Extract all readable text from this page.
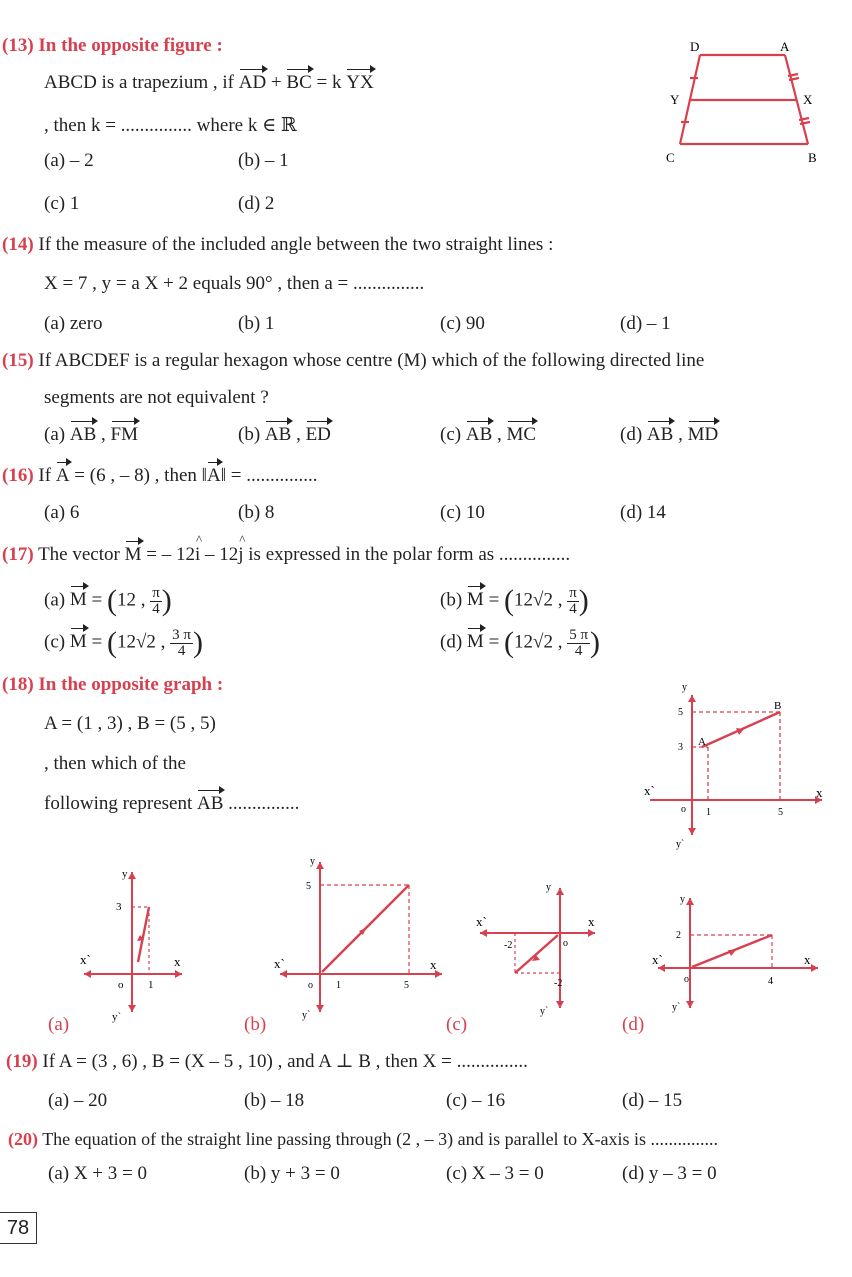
(13) In the opposite figure :
ABCD is a trapezium , if AD + BC = k YX
, then k = ............... where k ∈ ℝ
(a) – 2	(b) – 1
(c) 1	(d) 2
D	A
Y	X
C	B
(14) If the measure of the included angle between the two straight lines :
X = 7 , y = a X + 2 equals 90° , then a = ...............
(a) zero	(b) 1	(c) 90	(d) – 1
(15) If ABCDEF is a regular hexagon whose centre (M) which of the following directed line
segments are not equivalent ?
(a) AB , FM	(b) AB , ED	(c) AB , MC	(d) AB , MD
(16) If A = (6 , – 8) , then ‖A‖ = ...............
(a) 6	(b) 8	(c) 10	(d) 14
(17) The vector M = – 12^ i – 12^ j is expressed in the polar form as ...............
(a) M = (12 , $\frac{\pi}{4}$ )	(b) M = (12√2 , $\frac{\pi}{4}$ )
(c) M = (12√2 , $\frac{3 \pi}{4}$ )	(d) M = (12√2 , $\frac{5 \pi}{4}$ )
(18) In the opposite graph :
A = (1 , 3) , B = (5 , 5)
, then which of the
following represent AB ...............
y
5
3 A
B
x`	x
o 1	5
y`
y
3
x`	x
o 1
y`
(a)
y
5
x`	x
o 1	5
y`
(b)
y
x`	x
o
-2
-2
y`
(c)
y
2
x`	x
o	4
y`
(d)
(19) If A = (3 , 6) , B = (X – 5 , 10) , and A ⊥ B , then X = ...............
(a) – 20	(b) – 18	(c) – 16	(d) – 15
(20) The equation of the straight line passing through (2 , – 3) and is parallel to X-axis is ...............
(a) X + 3 = 0	(b) y + 3 = 0	(c) X – 3 = 0	(d) y – 3 = 0
78
